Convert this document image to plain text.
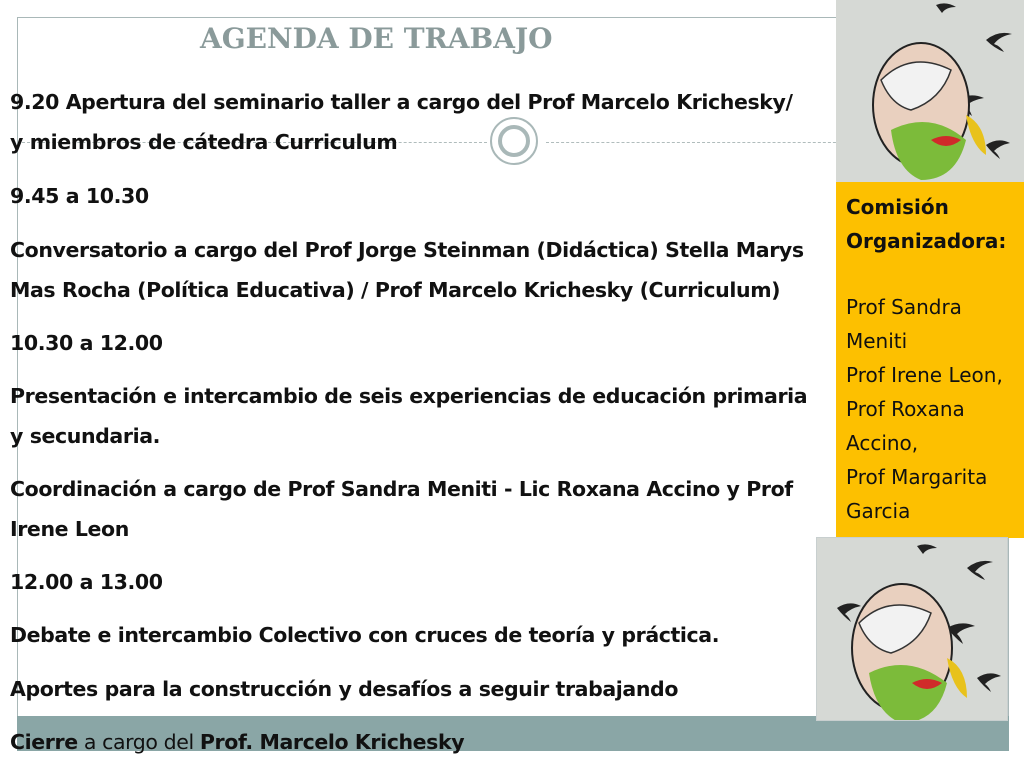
AGENDA DE TRABAJO
9.20 Apertura del seminario taller a cargo del Prof Marcelo Krichesky/
y miembros de cátedra Curriculum
9.45 a 10.30
Conversatorio a cargo del Prof Jorge Steinman (Didáctica) Stella Marys
Mas Rocha (Política Educativa) / Prof Marcelo Krichesky (Curriculum)
10.30 a 12.00
Presentación e intercambio de seis experiencias de educación primaria
y secundaria.
Coordinación a cargo de Prof Sandra Meniti - Lic Roxana Accino y Prof
Irene Leon
12.00 a 13.00
Debate e intercambio Colectivo con cruces de teoría y práctica.
Aportes para la construcción y desafíos a seguir trabajando
Cierre a cargo del Prof. Marcelo Krichesky
Comisión
Organizadora:
Prof Sandra
Meniti
Prof Irene Leon,
Prof Roxana
Accino,
Prof Margarita
Garcia
